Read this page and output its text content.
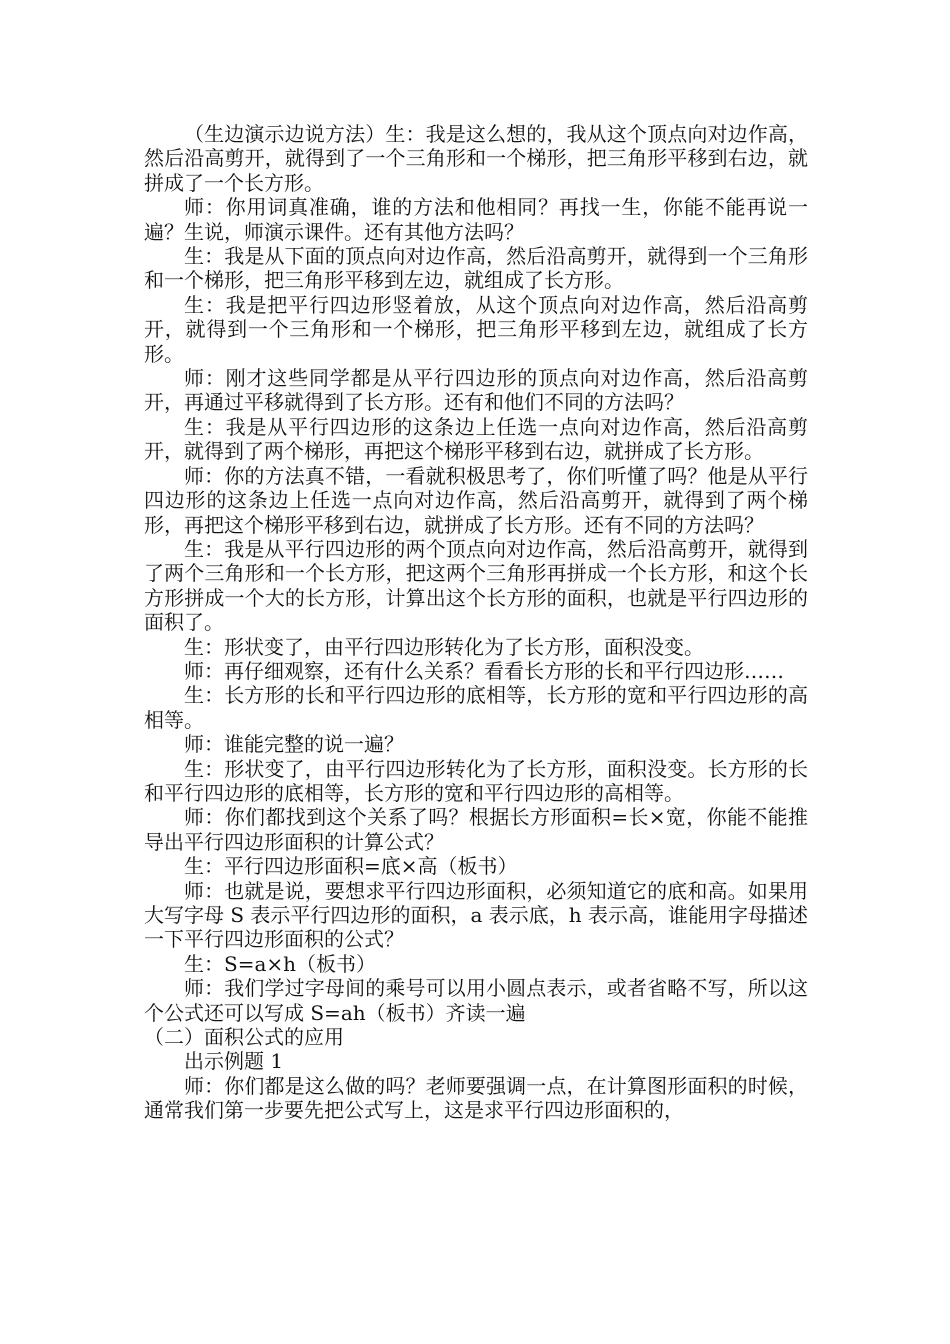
（生边演示边说方法）生：我是这么想的，我从这个顶点向对边作高，然后沿高剪开，就得到了一个三角形和一个梯形，把三角形平移到右边，就拼成了一个长方形。

师：你用词真准确，谁的方法和他相同？再找一生，你能不能再说一遍？生说，师演示课件。还有其他方法吗？

生：我是从下面的顶点向对边作高，然后沿高剪开，就得到一个三角形和一个梯形，把三角形平移到左边，就组成了长方形。

生：我是把平行四边形竖着放，从这个顶点向对边作高，然后沿高剪开，就得到一个三角形和一个梯形，把三角形平移到左边，就组成了长方形。

师：刚才这些同学都是从平行四边形的顶点向对边作高，然后沿高剪开，再通过平移就得到了长方形。还有和他们不同的方法吗？

生：我是从平行四边形的这条边上任选一点向对边作高，然后沿高剪开，就得到了两个梯形，再把这个梯形平移到右边，就拼成了长方形。

师：你的方法真不错，一看就积极思考了，你们听懂了吗？他是从平行四边形的这条边上任选一点向对边作高，然后沿高剪开，就得到了两个梯形，再把这个梯形平移到右边，就拼成了长方形。还有不同的方法吗？

生：我是从平行四边形的两个顶点向对边作高，然后沿高剪开，就得到了两个三角形和一个长方形，把这两个三角形再拼成一个长方形，和这个长方形拼成一个大的长方形，计算出这个长方形的面积，也就是平行四边形的面积了。

生：形状变了，由平行四边形转化为了长方形，面积没变。

师：再仔细观察，还有什么关系？看看长方形的长和平行四边形……

生：长方形的长和平行四边形的底相等，长方形的宽和平行四边形的高相等。

师：谁能完整的说一遍？

生：形状变了，由平行四边形转化为了长方形，面积没变。长方形的长和平行四边形的底相等，长方形的宽和平行四边形的高相等。

师：你们都找到这个关系了吗？根据长方形面积=长×宽，你能不能推导出平行四边形面积的计算公式？

生：平行四边形面积=底×高（板书）

师：也就是说，要想求平行四边形面积，必须知道它的底和高。如果用大写字母 S 表示平行四边形的面积，a 表示底，h 表示高，谁能用字母描述一下平行四边形面积的公式？

生：S=a×h（板书）

师：我们学过字母间的乘号可以用小圆点表示，或者省略不写，所以这个公式还可以写成 S=ah（板书）齐读一遍

（二）面积公式的应用

出示例题 1

师：你们都是这么做的吗？老师要强调一点，在计算图形面积的时候，通常我们第一步要先把公式写上，这是求平行四边形面积的，
